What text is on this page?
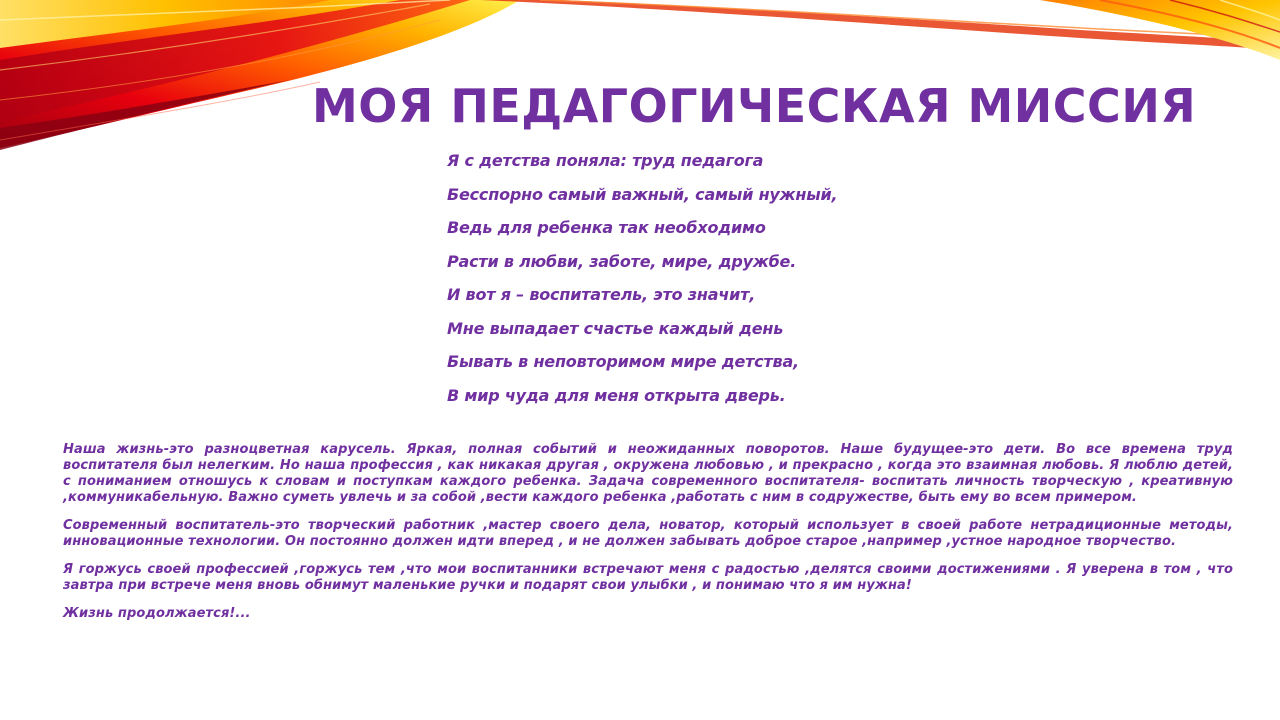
МОЯ ПЕДАГОГИЧЕСКАЯ МИССИЯ
Я с детства поняла: труд педагога
Бесспорно самый важный, самый нужный,
Ведь для ребенка так необходимо
Расти в любви, заботе, мире, дружбе.
И вот я – воспитатель, это значит,
Мне выпадает счастье каждый день
Бывать в неповторимом мире детства,
В мир чуда для меня открыта дверь.

Наша жизнь-это разноцветная карусель. Яркая, полная событий и неожиданных поворотов. Наше будущее-это дети. Во все времена труд воспитателя был нелегким. Но наша профессия , как никакая другая , окружена любовью , и прекрасно , когда это взаимная любовь. Я люблю детей, с пониманием отношусь к словам и поступкам каждого ребенка. Задача современного воспитателя- воспитать личность творческую , креативную ,коммуникабельную. Важно суметь увлечь и за собой ,вести каждого ребенка ,работать с ним в содружестве, быть ему во всем примером.

Современный воспитатель-это творческий работник ,мастер своего дела, новатор, который использует в своей работе нетрадиционные методы, инновационные технологии. Он постоянно должен идти вперед , и не должен забывать доброе старое ,например ,устное народное творчество.

Я горжусь своей профессией ,горжусь тем ,что мои воспитанники встречают меня с радостью ,делятся своими достижениями . Я уверена в том , что завтра при встрече меня вновь обнимут маленькие ручки и подарят свои улыбки , и понимаю что я им нужна!

Жизнь продолжается!...
